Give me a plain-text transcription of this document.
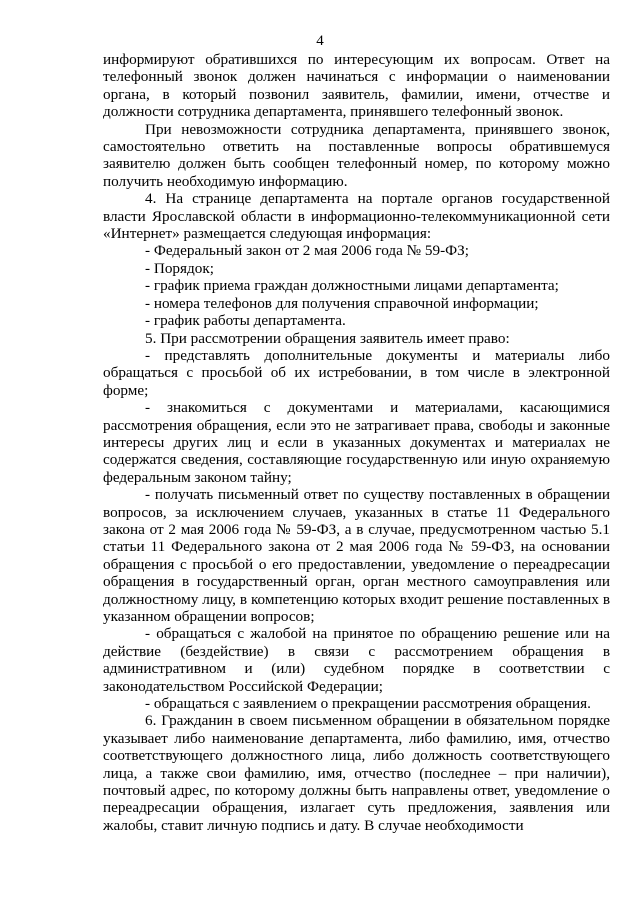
4

информируют обратившихся по интересующим их вопросам. Ответ на телефонный звонок должен начинаться с информации о наименовании органа, в который позвонил заявитель, фамилии, имени, отчестве и должности сотрудника департамента, принявшего телефонный звонок.

При невозможности сотрудника департамента, принявшего звонок, самостоятельно ответить на поставленные вопросы обратившемуся заявителю должен быть сообщен телефонный номер, по которому можно получить необходимую информацию.

4. На странице департамента на портале органов государственной власти Ярославской области в информационно-телекоммуникационной сети «Интернет» размещается следующая информация:

- Федеральный закон от 2 мая 2006 года № 59-ФЗ;

- Порядок;

- график приема граждан должностными лицами департамента;

- номера телефонов для получения справочной информации;

- график работы департамента.

5. При рассмотрении обращения заявитель имеет право:

- представлять дополнительные документы и материалы либо обращаться с просьбой об их истребовании, в том числе в электронной форме;

- знакомиться с документами и материалами, касающимися рассмотрения обращения, если это не затрагивает права, свободы и законные интересы других лиц и если в указанных документах и материалах не содержатся сведения, составляющие государственную или иную охраняемую федеральным законом тайну;

- получать письменный ответ по существу поставленных в обращении вопросов, за исключением случаев, указанных в статье 11 Федерального закона от 2 мая 2006 года № 59-ФЗ, а в случае, предусмотренном частью 5.1 статьи 11 Федерального закона от 2 мая 2006 года № 59-ФЗ, на основании обращения с просьбой о его предоставлении, уведомление о переадресации обращения в государственный орган, орган местного самоуправления или должностному лицу, в компетенцию которых входит решение поставленных в указанном обращении вопросов;

- обращаться с жалобой на принятое по обращению решение или на действие (бездействие) в связи с рассмотрением обращения в административном и (или) судебном порядке в соответствии с законодательством Российской Федерации;

- обращаться с заявлением о прекращении рассмотрения обращения.

6. Гражданин в своем письменном обращении в обязательном порядке указывает либо наименование департамента, либо фамилию, имя, отчество соответствующего должностного лица, либо должность соответствующего лица, а также свои фамилию, имя, отчество (последнее – при наличии), почтовый адрес, по которому должны быть направлены ответ, уведомление о переадресации обращения, излагает суть предложения, заявления или жалобы, ставит личную подпись и дату. В случае необходимости
